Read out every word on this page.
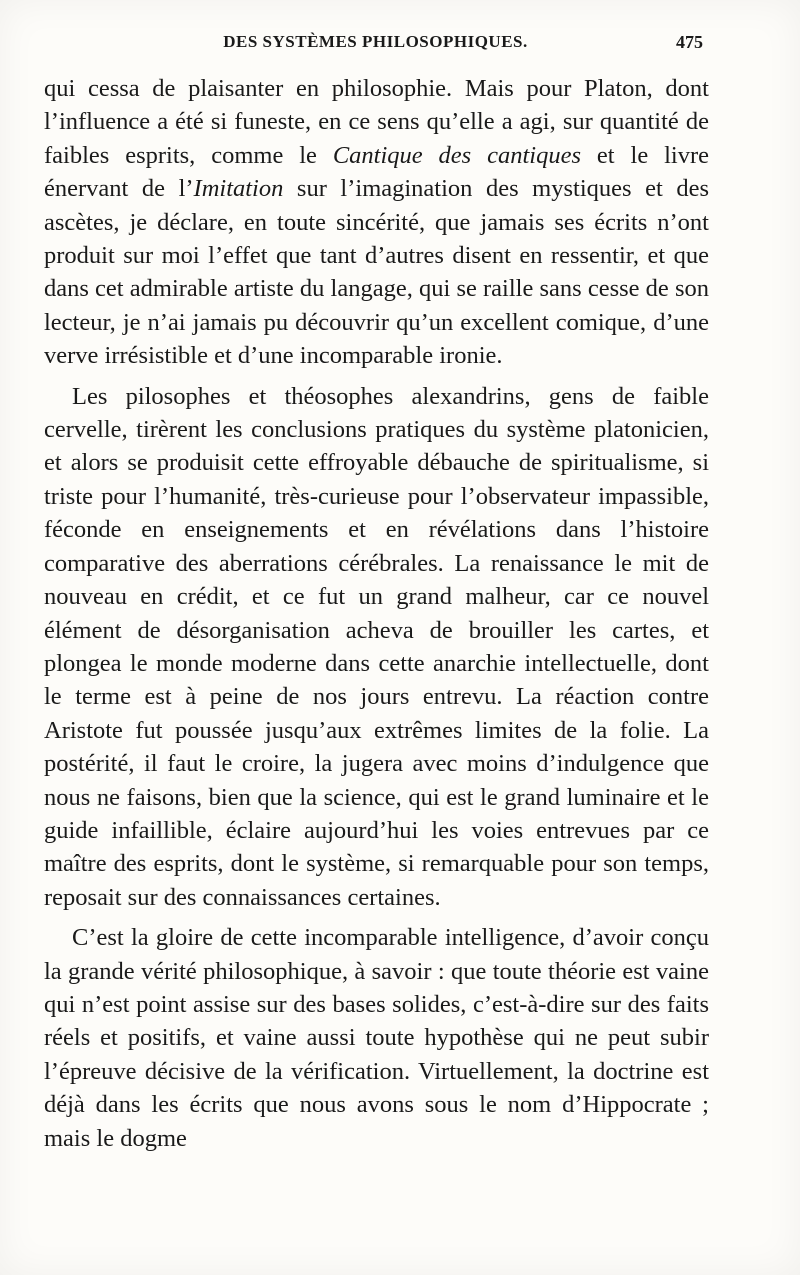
DES SYSTÈMES PHILOSOPHIQUES.	475

qui cessa de plaisanter en philosophie. Mais pour Platon, dont l’influence a été si funeste, en ce sens qu’elle a agi, sur quantité de faibles esprits, comme le Cantique des cantiques et le livre énervant de l’Imitation sur l’imagination des mystiques et des ascètes, je déclare, en toute sincérité, que jamais ses écrits n’ont produit sur moi l’effet que tant d’autres disent en ressentir, et que dans cet admirable artiste du langage, qui se raille sans cesse de son lecteur, je n’ai jamais pu découvrir qu’un excellent comique, d’une verve irrésistible et d’une incomparable ironie.

Les pilosophes et théosophes alexandrins, gens de faible cervelle, tirèrent les conclusions pratiques du système platonicien, et alors se produisit cette effroyable débauche de spiritualisme, si triste pour l’humanité, très-curieuse pour l’observateur impassible, féconde en enseignements et en révélations dans l’histoire comparative des aberrations cérébrales. La renaissance le mit de nouveau en crédit, et ce fut un grand malheur, car ce nouvel élément de désorganisation acheva de brouiller les cartes, et plongea le monde moderne dans cette anarchie intellectuelle, dont le terme est à peine de nos jours entrevu. La réaction contre Aristote fut poussée jusqu’aux extrêmes limites de la folie. La postérité, il faut le croire, la jugera avec moins d’indulgence que nous ne faisons, bien que la science, qui est le grand luminaire et le guide infaillible, éclaire aujourd’hui les voies entrevues par ce maître des esprits, dont le système, si remarquable pour son temps, reposait sur des connaissances certaines.

C’est la gloire de cette incomparable intelligence, d’avoir conçu la grande vérité philosophique, à savoir : que toute théorie est vaine qui n’est point assise sur des bases solides, c’est-à-dire sur des faits réels et positifs, et vaine aussi toute hypothèse qui ne peut subir l’épreuve décisive de la vérification. Virtuellement, la doctrine est déjà dans les écrits que nous avons sous le nom d’Hippocrate ; mais le dogme
